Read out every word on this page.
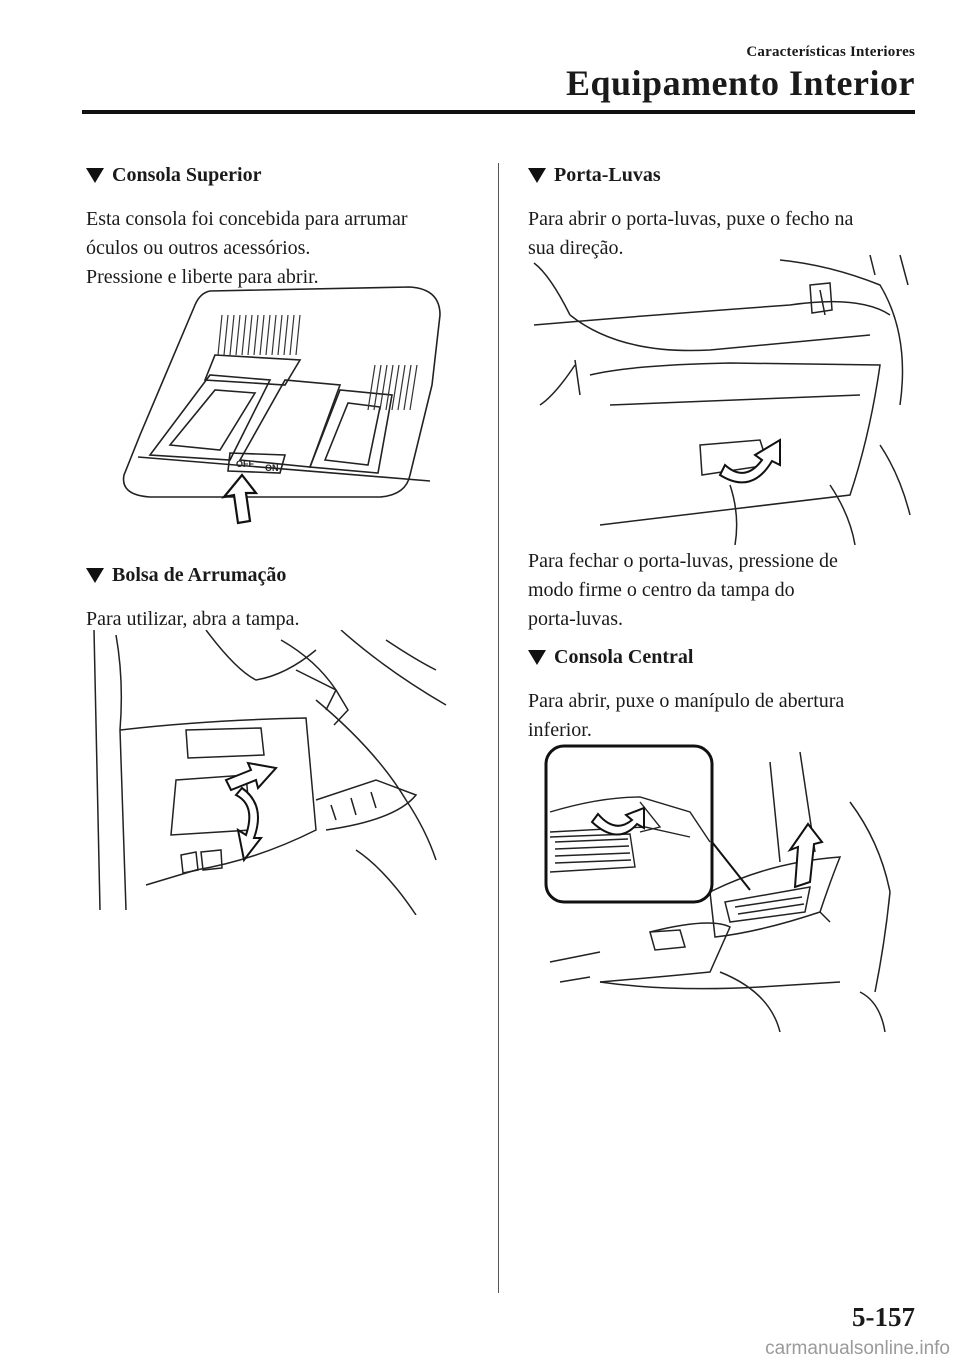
Características Interiores
Equipamento Interior
Consola Superior
Esta consola foi concebida para arrumar
óculos ou outros acessórios.
Pressione e liberte para abrir.
OFF ON
Bolsa de Arrumação
Para utilizar, abra a tampa.
Porta-Luvas
Para abrir o porta-luvas, puxe o fecho na
sua direção.
Para fechar o porta-luvas, pressione de
modo firme o centro da tampa do
porta-luvas.
Consola Central
Para abrir, puxe o manípulo de abertura
inferior.
5-157
carmanualsonline.info
